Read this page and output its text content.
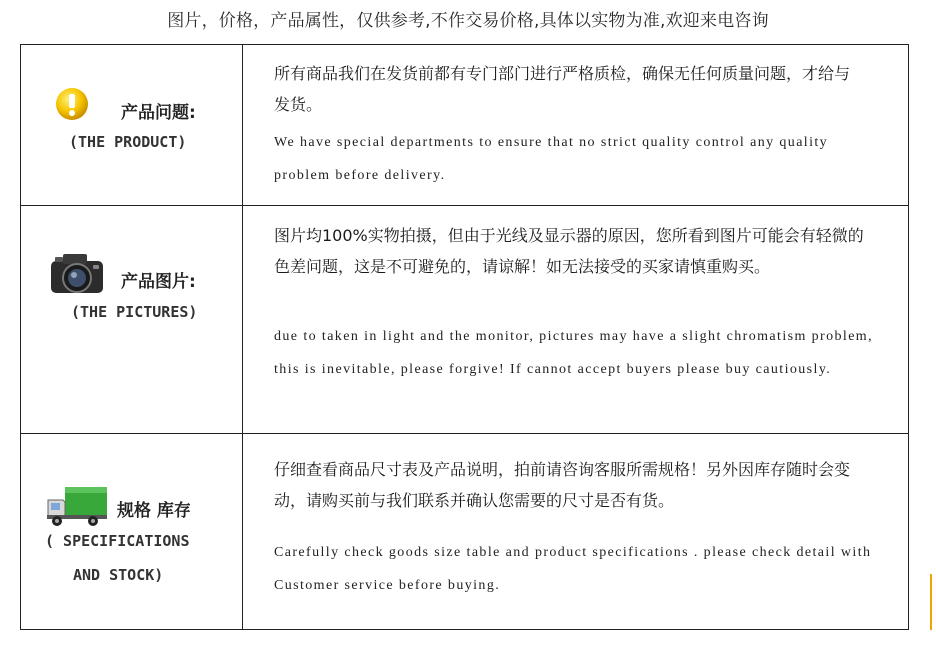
图片，价格，产品属性，仅供参考,不作交易价格,具体以实物为准,欢迎来电咨询
产品问题:
(THE PRODUCT)
所有商品我们在发货前都有专门部门进行严格质检，确保无任何质量问题，才给与发货。
We have special departments to ensure that no strict quality control any quality problem before delivery.
产品图片:
(THE PICTURES)
图片均100%实物拍摄，但由于光线及显示器的原因，您所看到图片可能会有轻微的色差问题，这是不可避免的，请谅解！如无法接受的买家请慎重购买。
due to taken in light and the monitor, pictures may have a slight chromatism problem, this is inevitable, please forgive! If cannot accept buyers please buy cautiously.
规格 库存
( SPECIFICATIONS
AND STOCK)
仔细查看商品尺寸表及产品说明，拍前请咨询客服所需规格！另外因库存随时会变动，请购买前与我们联系并确认您需要的尺寸是否有货。
Carefully check goods size table and product specifications . please check detail with Customer service before buying.
